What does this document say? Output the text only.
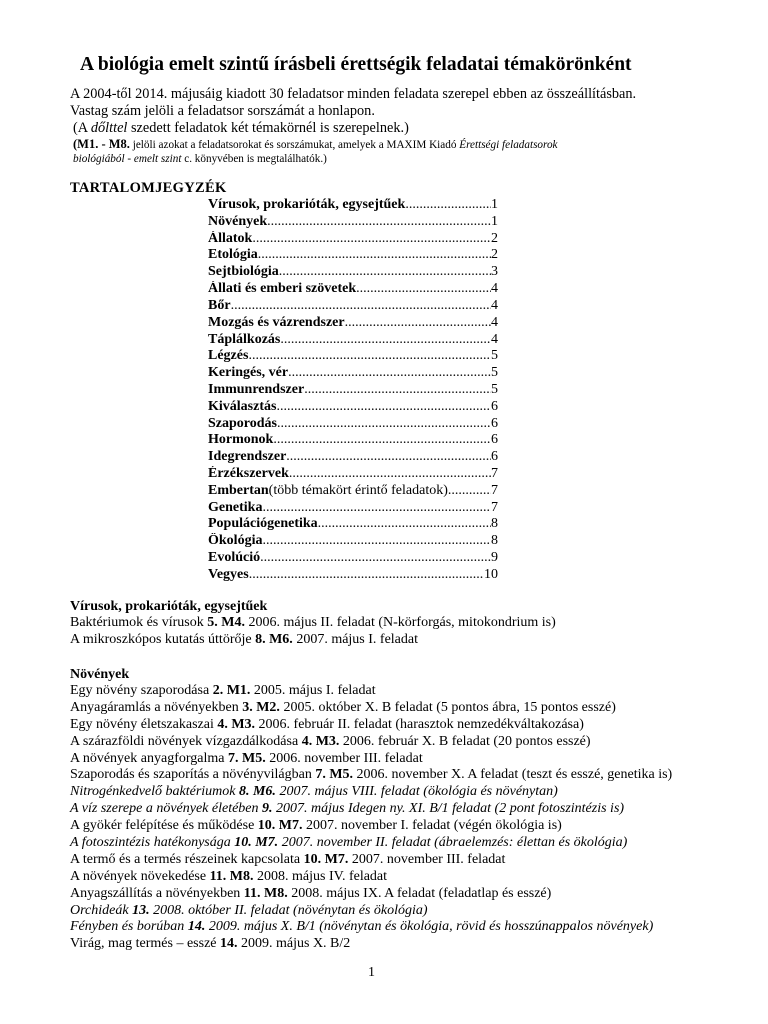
A biológia emelt szintű írásbeli érettségik feladatai témakörönként
A 2004-től 2014. májusáig kiadott 30 feladatsor minden feladata szerepel ebben az összeállításban.
Vastag szám jelöli a feladatsor sorszámát a honlapon.
(A dőlttel szedett feladatok két témakörnél is szerepelnek.)
(M1. - M8. jelöli azokat a feladatsorokat és sorszámukat, amelyek a MAXIM Kiadó Érettségi feladatsorok
biológiából - emelt szint c. könyvében is megtalálhatók.)
TARTALOMJEGYZÉK
Vírusok, prokarióták, egysejtűek .....	1
Növények .....	1
Állatok .....	2
Etológia .....	2
Sejtbiológia .....	3
Állati és emberi szövetek .....	4
Bőr .....	4
Mozgás és vázrendszer .....	4
Táplálkozás .....	4
Légzés .....	5
Keringés, vér .....	5
Immunrendszer .....	5
Kiválasztás .....	6
Szaporodás .....	6
Hormonok .....	6
Idegrendszer .....	6
Érzékszervek .....	7
Embertan (több témakört érintő feladatok) .....	7
Genetika .....	7
Populációgenetika .....	8
Ökológia .....	8
Evolúció .....	9
Vegyes .....	10
Vírusok, prokarióták, egysejtűek
Baktériumok és vírusok 5. M4. 2006. május II. feladat (N-körforgás, mitokondrium is)
A mikroszkópos kutatás úttörője 8. M6. 2007. május I. feladat
Növények
Egy növény szaporodása 2. M1. 2005. május I. feladat
Anyagáramlás a növényekben 3. M2. 2005. október X. B feladat (5 pontos ábra, 15 pontos esszé)
Egy növény életszakaszai 4. M3. 2006. február II. feladat (harasztok nemzedékváltakozása)
A szárazföldi növények vízgazdálkodása 4. M3. 2006. február X. B feladat (20 pontos esszé)
A növények anyagforgalma 7. M5. 2006. november III. feladat
Szaporodás és szaporítás a növényvilágban 7. M5. 2006. november X. A feladat (teszt és esszé, genetika is)
Nitrogénkedvelő baktériumok 8. M6. 2007. május VIII. feladat (ökológia és növénytan)
A víz szerepe a növények életében 9. 2007. május Idegen ny. XI. B/1 feladat (2 pont fotoszintézis is)
A gyökér felépítése és működése 10. M7. 2007. november I. feladat (végén ökológia is)
A fotoszintézis hatékonysága 10. M7. 2007. november II. feladat (ábraelemzés: élettan és ökológia)
A termő és a termés részeinek kapcsolata 10. M7. 2007. november III. feladat
A növények növekedése 11. M8. 2008. május IV. feladat
Anyagszállítás a növényekben 11. M8. 2008. május IX. A feladat (feladatlap és esszé)
Orchideák 13. 2008. október II. feladat (növénytan és ökológia)
Fényben és borúban 14. 2009. május X. B/1 (növénytan és ökológia, rövid és hosszúnappalos növények)
Virág, mag termés – esszé 14. 2009. május X. B/2
1
